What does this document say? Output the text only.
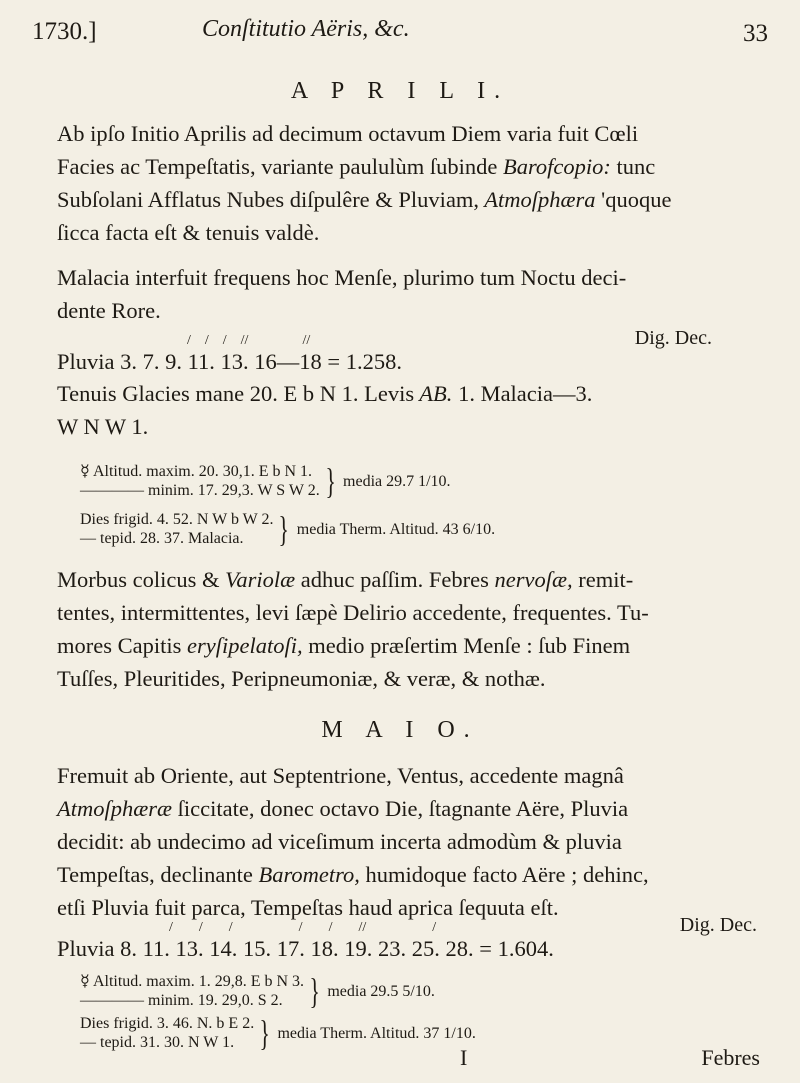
1730.]	Conſtitutio Aëris, &c.	33
A P R I L I.
Ab ipſo Initio Aprilis ad decimum octavum Diem varia fuit Cœli
Facies ac Tempeſtatis, variante paululùm ſubinde Barofcopio: tunc
Subſolani Afflatus Nubes diſpulêre & Pluviam, Atmoſphæra 'quoque
ſicca facta eſt & tenuis valdè.
Malacia interfuit frequens hoc Menſe, plurimo tum Noctu deci-
dente Rore.
/ / / //	//	Dig. Dec.
Pluvia 3. 7. 9. 11. 13. 16—18 = 1.258.
Tenuis Glacies mane 20. E b N 1. Levis AB. 1. Malacia—3.
W N W 1.
☿ Altitud. maxim. 20. 30,1. E b N 1.
———— minim. 17. 29,3. W S W 2. } media 29.7 1/10.
Dies frigid. 4. 52. N W b W 2.
— tepid. 28. 37. Malacia. } media Therm. Altitud. 43 6/10.
Morbus colicus & Variolæ adhuc paſſim. Febres nervoſæ, remit-
tentes, intermittentes, levi ſæpè Delirio accedente, frequentes. Tu-
mores Capitis eryſipelatoſi, medio præſertim Menſe : ſub Finem
Tuſſes, Pleuritides, Peripneumoniæ, & veræ, & nothæ.
M A I O.
Fremuit ab Oriente, aut Septentrione, Ventus, accedente magnâ
Atmoſphæræ ſiccitate, donec octavo Die, ſtagnante Aëre, Pluvia
decidit: ab undecimo ad viceſimum incerta admodùm & pluvia
Tempeſtas, declinante Barometro, humidoque facto Aëre ; dehinc,
etſi Pluvia fuit parca, Tempeſtas haud aprica ſequuta eſt.
/ / /	/ / //	/	Dig. Dec.
Pluvia 8. 11. 13. 14. 15. 17. 18. 19. 23. 25. 28. = 1.604.
☿ Altitud. maxim. 1. 29,8. E b N 3.
———— minim. 19. 29,0. S 2. } media 29.5 5/10.
Dies frigid. 3. 46. N. b E 2.
— tepid. 31. 30. N W 1. } media Therm. Altitud. 37 1/10.
I	Febres
